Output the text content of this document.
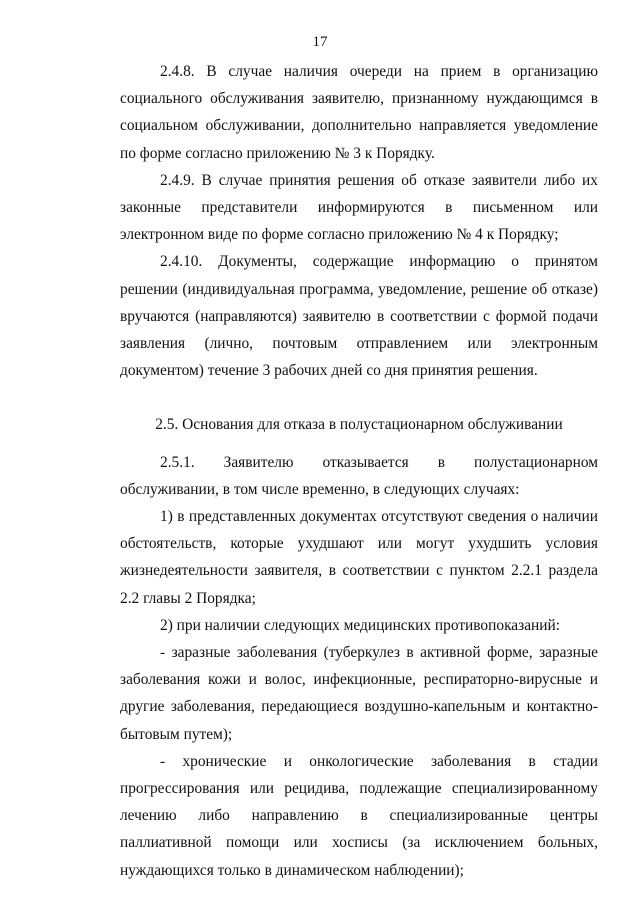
17

2.4.8. В случае наличия очереди на прием в организацию социального обслуживания заявителю, признанному нуждающимся в социальном обслуживании, дополнительно направляется уведомление по форме согласно приложению № 3 к Порядку.

2.4.9. В случае принятия решения об отказе заявители либо их законные представители информируются в письменном или электронном виде по форме согласно приложению № 4 к Порядку;

2.4.10. Документы, содержащие информацию о принятом решении (индивидуальная программа, уведомление, решение об отказе) вручаются (направляются) заявителю в соответствии с формой подачи заявления (лично, почтовым отправлением или электронным документом) течение 3 рабочих дней со дня принятия решения.

2.5. Основания для отказа в полустационарном обслуживании

2.5.1. Заявителю отказывается в полустационарном обслуживании, в том числе временно, в следующих случаях:

1) в представленных документах отсутствуют сведения о наличии обстоятельств, которые ухудшают или могут ухудшить условия жизнедеятельности заявителя, в соответствии с пунктом 2.2.1 раздела 2.2 главы 2 Порядка;

2) при наличии следующих медицинских противопоказаний:

- заразные заболевания (туберкулез в активной форме, заразные заболевания кожи и волос, инфекционные, респираторно-вирусные и другие заболевания, передающиеся воздушно-капельным и контактно-бытовым путем);

- хронические и онкологические заболевания в стадии прогрессирования или рецидива, подлежащие специализированному лечению либо направлению в специализированные центры паллиативной помощи или хосписы (за исключением больных, нуждающихся только в динамическом наблюдении);
